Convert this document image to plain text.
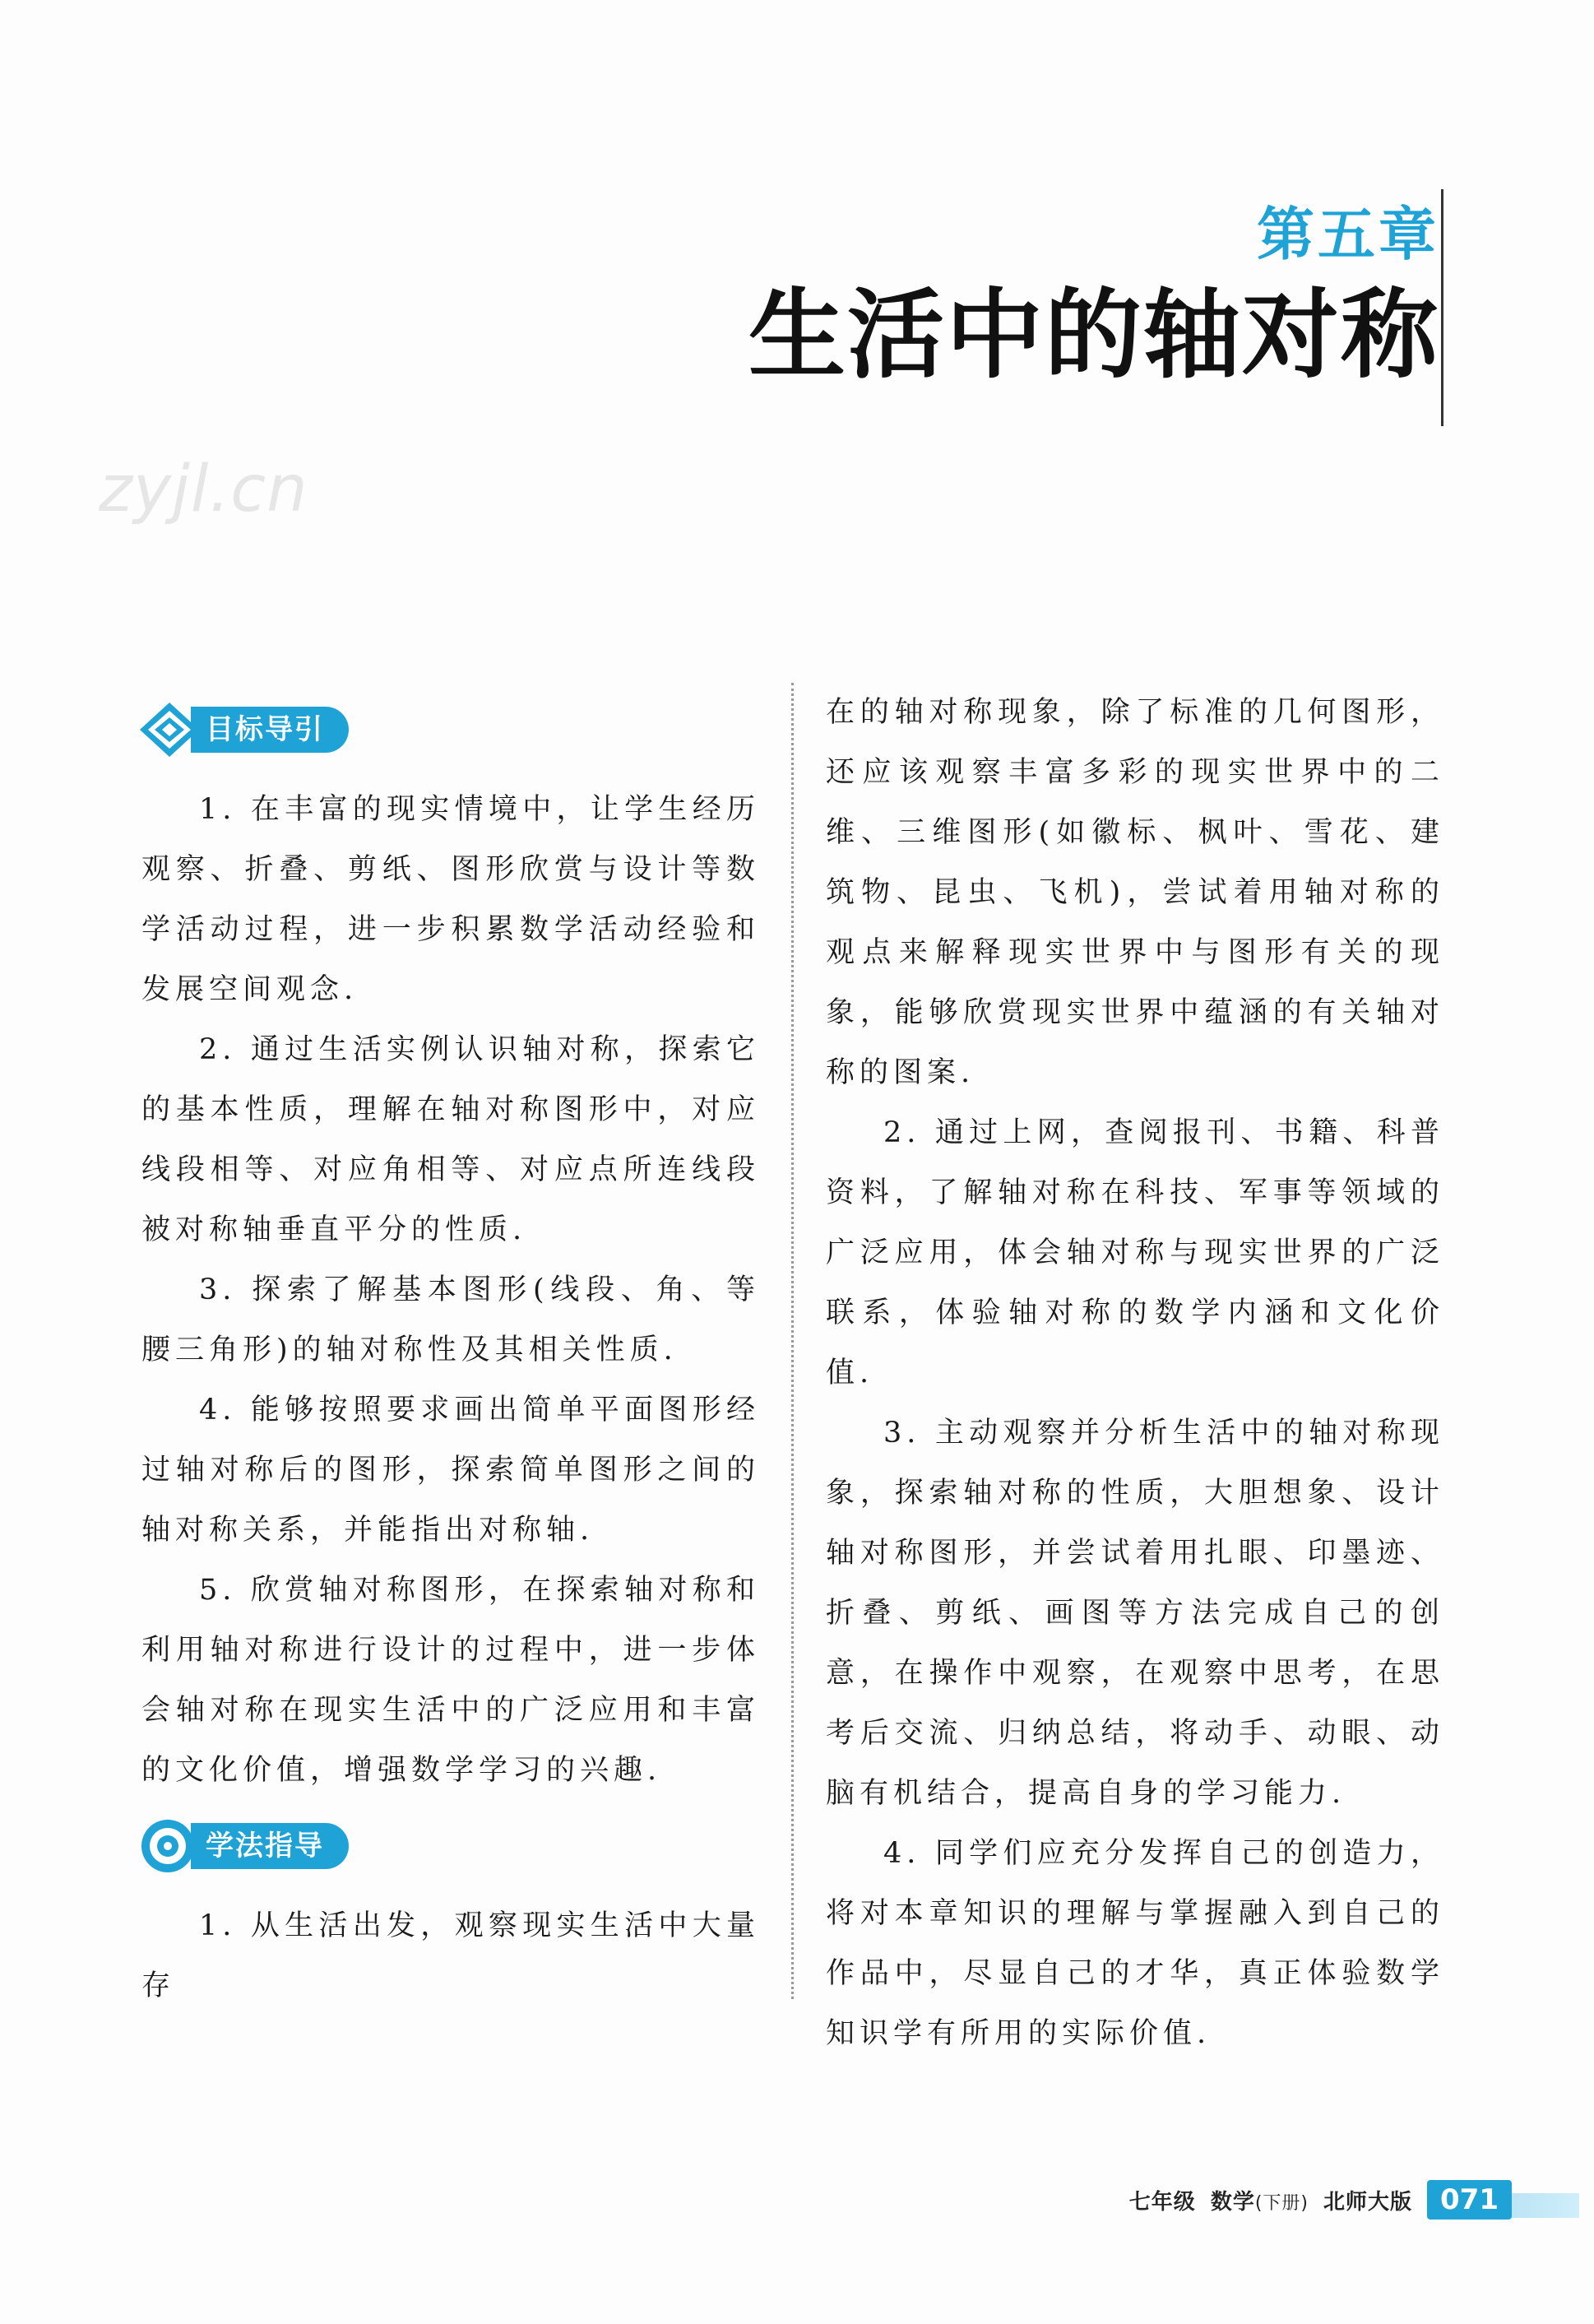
第五章
生活中的轴对称
zyjl.cn
目标导引

1. 在丰富的现实情境中，让学生经历观察、折叠、剪纸、图形欣赏与设计等数学活动过程，进一步积累数学活动经验和发展空间观念.

2. 通过生活实例认识轴对称，探索它的基本性质，理解在轴对称图形中，对应线段相等、对应角相等、对应点所连线段被对称轴垂直平分的性质.

3. 探索了解基本图形(线段、角、等腰三角形)的轴对称性及其相关性质.

4. 能够按照要求画出简单平面图形经过轴对称后的图形，探索简单图形之间的轴对称关系，并能指出对称轴.

5. 欣赏轴对称图形，在探索轴对称和利用轴对称进行设计的过程中，进一步体会轴对称在现实生活中的广泛应用和丰富的文化价值，增强数学学习的兴趣.

学法指导

1. 从生活出发，观察现实生活中大量存

在的轴对称现象，除了标准的几何图形，还应该观察丰富多彩的现实世界中的二维、三维图形(如徽标、枫叶、雪花、建筑物、昆虫、飞机)，尝试着用轴对称的观点来解释现实世界中与图形有关的现象，能够欣赏现实世界中蕴涵的有关轴对称的图案.

2. 通过上网，查阅报刊、书籍、科普资料，了解轴对称在科技、军事等领域的广泛应用，体会轴对称与现实世界的广泛联系，体验轴对称的数学内涵和文化价值.

3. 主动观察并分析生活中的轴对称现象，探索轴对称的性质，大胆想象、设计轴对称图形，并尝试着用扎眼、印墨迹、折叠、剪纸、画图等方法完成自己的创意，在操作中观察，在观察中思考，在思考后交流、归纳总结，将动手、动眼、动脑有机结合，提高自身的学习能力.

4. 同学们应充分发挥自己的创造力，将对本章知识的理解与掌握融入到自己的作品中，尽显自己的才华，真正体验数学知识学有所用的实际价值.

七年级 数学(下册) 北师大版	071
